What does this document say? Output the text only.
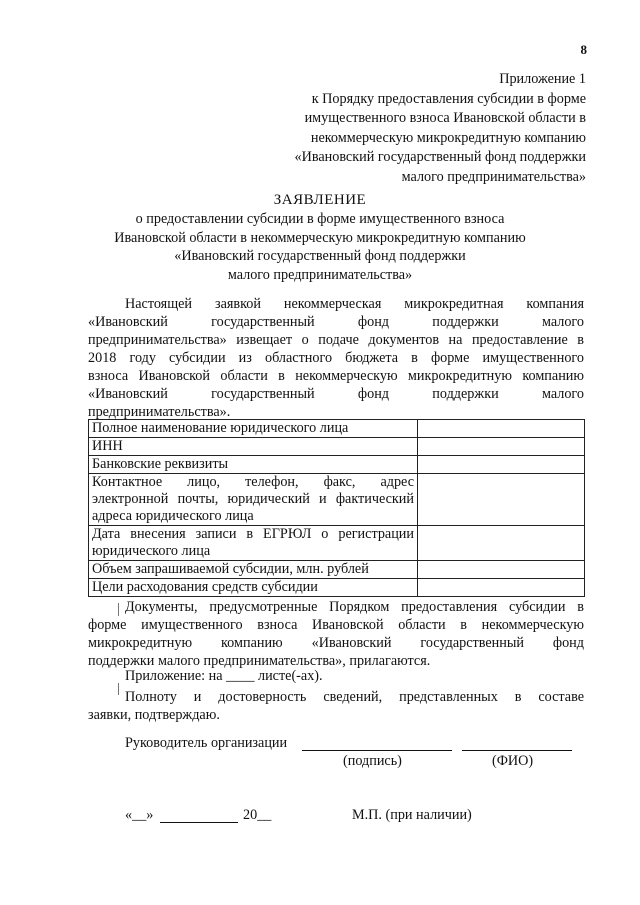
8
Приложение 1
к Порядку предоставления субсидии в форме
имущественного взноса Ивановской области в
некоммерческую микрокредитную компанию
«Ивановский государственный фонд поддержки
малого предпринимательства»
ЗАЯВЛЕНИЕ
о предоставлении субсидии в форме имущественного взноса
Ивановской области в некоммерческую микрокредитную компанию
«Ивановский государственный фонд поддержки
малого предпринимательства»
Настоящей заявкой некоммерческая микрокредитная компания
«Ивановский государственный фонд поддержки малого
предпринимательства» извещает о подаче документов на предоставление в
2018 году субсидии из областного бюджета в форме имущественного
взноса Ивановской области в некоммерческую микрокредитную компанию
«Ивановский государственный фонд поддержки малого
предпринимательства».
Полное наименование юридического лица	
ИНН	
Банковские реквизиты	

Контактное лицо, телефон, факс, адрес
электронной почты, юридический и фактический
адреса юридического лица	

Дата внесения записи в ЕГРЮЛ о регистрации
юридического лица	

Объем запрашиваемой субсидии, млн. рублей	
Цели расходования средств субсидии	
Документы, предусмотренные Порядком предоставления субсидии в
форме имущественного взноса Ивановской области в некоммерческую
микрокредитную компанию «Ивановский государственный фонд
поддержки малого предпринимательства», прилагаются.
Приложение: на ____ листе(-ах).
Полноту и достоверность сведений, представленных в составе
заявки, подтверждаю.
Руководитель организации
(подпись)	(ФИО)
«__»	20__	М.П. (при наличии)
